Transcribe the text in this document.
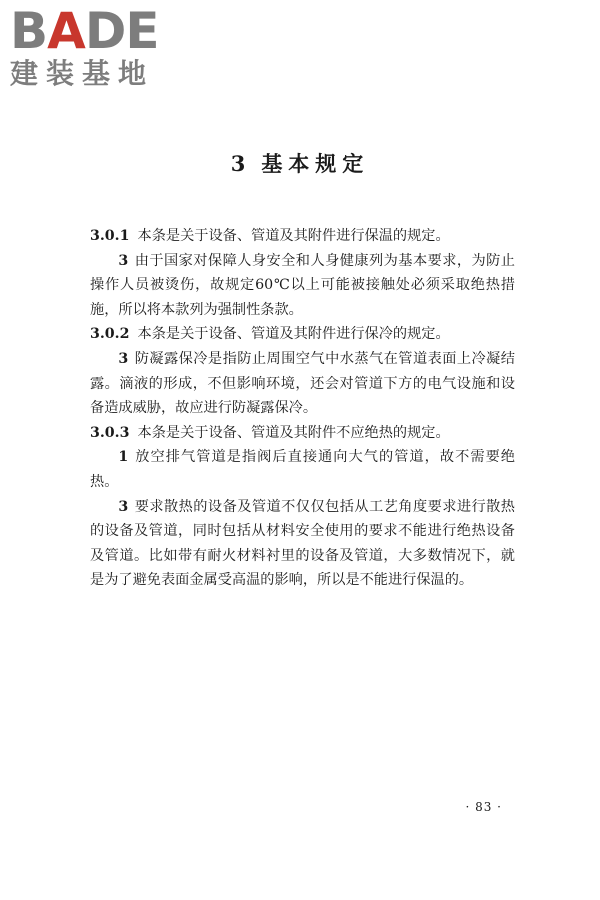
BADE
建装基地
3 基本规定

3.0.1 本条是关于设备、管道及其附件进行保温的规定。

3 由于国家对保障人身安全和人身健康列为基本要求，为防止操作人员被烫伤，故规定60℃以上可能被接触处必须采取绝热措施，所以将本款列为强制性条款。

3.0.2 本条是关于设备、管道及其附件进行保冷的规定。

3 防凝露保冷是指防止周围空气中水蒸气在管道表面上冷凝结露。滴液的形成，不但影响环境，还会对管道下方的电气设施和设备造成威胁，故应进行防凝露保冷。

3.0.3 本条是关于设备、管道及其附件不应绝热的规定。

1 放空排气管道是指阀后直接通向大气的管道，故不需要绝热。

3 要求散热的设备及管道不仅仅包括从工艺角度要求进行散热的设备及管道，同时包括从材料安全使用的要求不能进行绝热设备及管道。比如带有耐火材料衬里的设备及管道，大多数情况下，就是为了避免表面金属受高温的影响，所以是不能进行保温的。

· 83 ·
